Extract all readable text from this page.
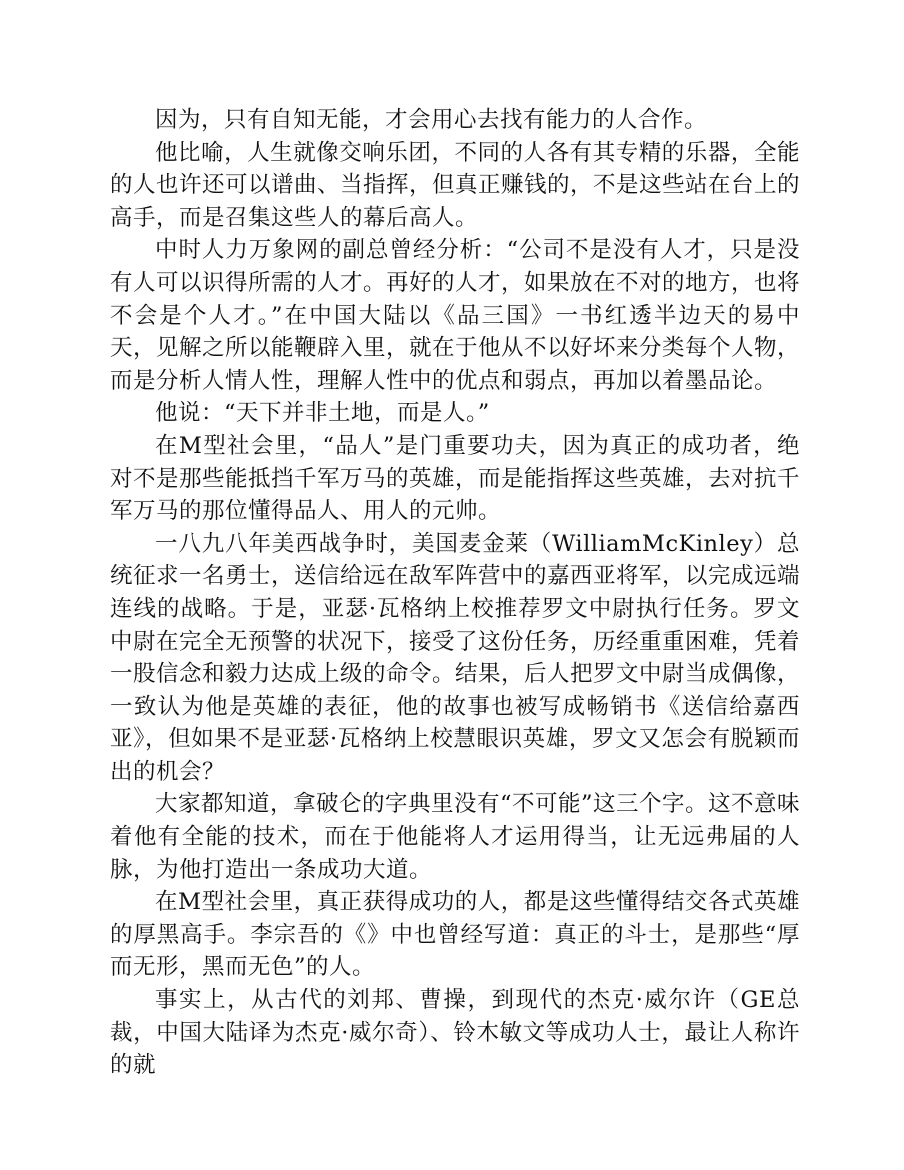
因为，只有自知无能，才会用心去找有能力的人合作。

他比喻，人生就像交响乐团，不同的人各有其专精的乐器，全能的人也许还可以谱曲、当指挥，但真正赚钱的，不是这些站在台上的高手，而是召集这些人的幕后高人。

中时人力万象网的副总曾经分析：“公司不是没有人才，只是没有人可以识得所需的人才。再好的人才，如果放在不对的地方，也将不会是个人才。”在中国大陆以《品三国》一书红透半边天的易中天，见解之所以能鞭辟入里，就在于他从不以好坏来分类每个人物，而是分析人情人性，理解人性中的优点和弱点，再加以着墨品论。

他说：“天下并非土地，而是人。”

在M型社会里，“品人”是门重要功夫，因为真正的成功者，绝对不是那些能抵挡千军万马的英雄，而是能指挥这些英雄，去对抗千军万马的那位懂得品人、用人的元帅。

一八九八年美西战争时，美国麦金莱（WilliamMcKinley）总统征求一名勇士，送信给远在敌军阵营中的嘉西亚将军，以完成远端连线的战略。于是，亚瑟·瓦格纳上校推荐罗文中尉执行任务。罗文中尉在完全无预警的状况下，接受了这份任务，历经重重困难，凭着一股信念和毅力达成上级的命令。结果，后人把罗文中尉当成偶像，一致认为他是英雄的表征，他的故事也被写成畅销书《送信给嘉西亚》，但如果不是亚瑟·瓦格纳上校慧眼识英雄，罗文又怎会有脱颖而出的机会？

大家都知道，拿破仑的字典里没有“不可能”这三个字。这不意味着他有全能的技术，而在于他能将人才运用得当，让无远弗届的人脉，为他打造出一条成功大道。

在M型社会里，真正获得成功的人，都是这些懂得结交各式英雄的厚黑高手。李宗吾的《》中也曾经写道：真正的斗士，是那些“厚而无形，黑而无色”的人。

事实上，从古代的刘邦、曹操，到现代的杰克·威尔许（GE总裁，中国大陆译为杰克·威尔奇）、铃木敏文等成功人士，最让人称许的就
